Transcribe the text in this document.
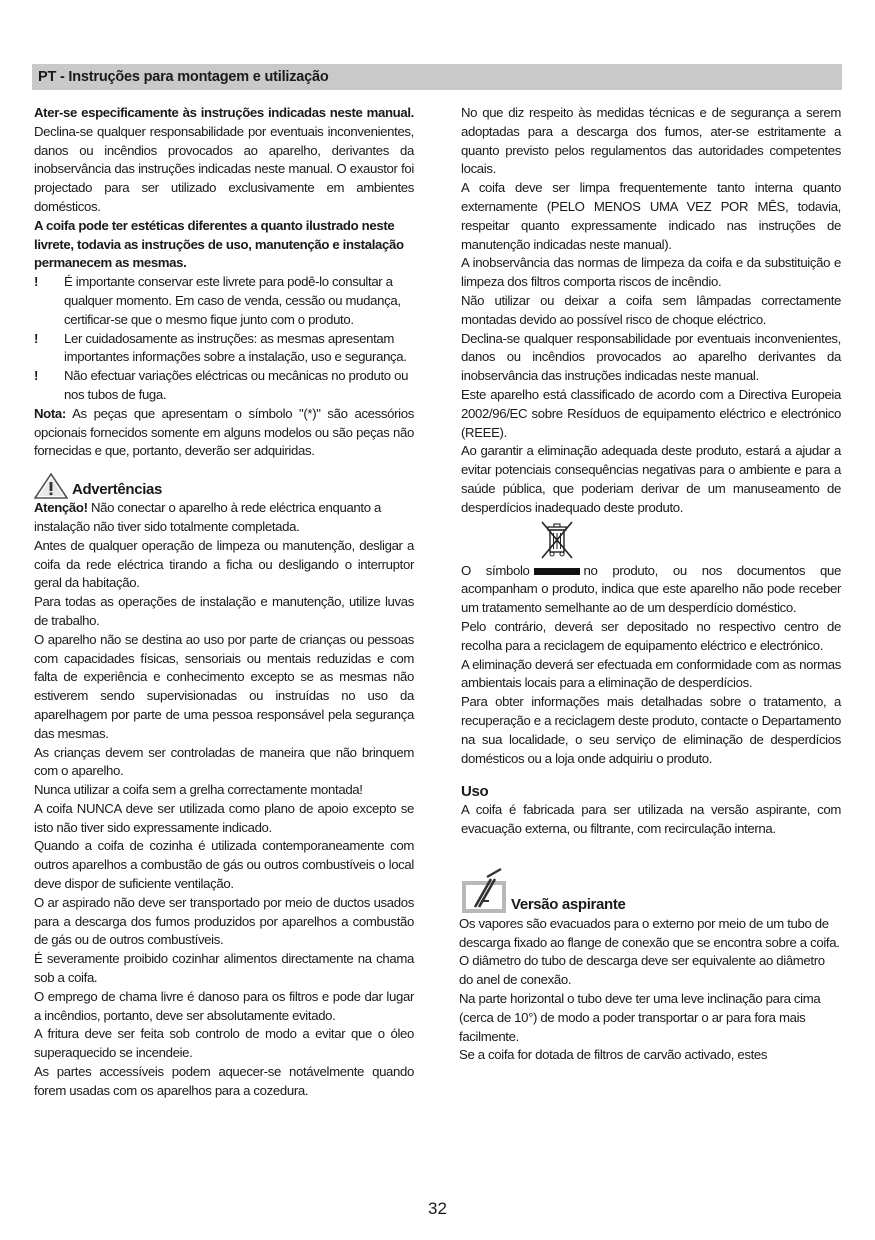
PT - Instruções para montagem e utilização

Ater-se especificamente às instruções indicadas neste manual. Declina-se qualquer responsabilidade por eventuais inconvenientes, danos ou incêndios provocados ao aparelho, derivantes da inobservância das instruções indicadas neste manual. O exaustor foi projectado para ser utilizado exclusivamente em ambientes domésticos.

A coifa pode ter estéticas diferentes a quanto ilustrado neste livrete, todavia as instruções de uso, manutenção e instalação permanecem as mesmas.

!	É importante conservar este livrete para podê-lo consultar a qualquer momento. Em caso de venda, cessão ou mudança, certificar-se que o mesmo fique junto com o produto.
!	Ler cuidadosamente as instruções: as mesmas apresentam importantes informações sobre a instalação, uso e segurança.
!	Não efectuar variações eléctricas ou mecânicas no produto ou nos tubos de fuga.

Nota: As peças que apresentam o símbolo "(*)" são acessórios opcionais fornecidos somente em alguns modelos ou são peças não fornecidas e que, portanto, deverão ser adquiridas.

Advertências

Atenção! Não conectar o aparelho à rede eléctrica enquanto a instalação não tiver sido totalmente completada.

Antes de qualquer operação de limpeza ou manutenção, desligar a coifa da rede eléctrica tirando a ficha ou desligando o interruptor geral da habitação.

Para todas as operações de instalação e manutenção, utilize luvas de trabalho.

O aparelho não se destina ao uso por parte de crianças ou pessoas com capacidades físicas, sensoriais ou mentais reduzidas e com falta de experiência e conhecimento excepto se as mesmas não estiverem sendo supervisionadas ou instruídas no uso da aparelhagem por parte de uma pessoa responsável pela segurança das mesmas.

As crianças devem ser controladas de maneira que não brinquem com o aparelho.

Nunca utilizar a coifa sem a grelha correctamente montada!

A coifa NUNCA deve ser utilizada como plano de apoio excepto se isto não tiver sido expressamente indicado.

Quando a coifa de cozinha é utilizada contemporaneamente com outros aparelhos a combustão de gás ou outros combustíveis o local deve dispor de suficiente ventilação.

O ar aspirado não deve ser transportado por meio de ductos usados para a descarga dos fumos produzidos por aparelhos a combustão de gás ou de outros combustíveis.

É severamente proibido cozinhar alimentos directamente na chama sob a coifa.

O emprego de chama livre é danoso para os filtros e pode dar lugar a incêndios, portanto, deve ser absolutamente evitado.

A fritura deve ser feita sob controlo de modo a evitar que o óleo superaquecido se incendeie.

As partes accessíveis podem aquecer-se notávelmente quando forem usadas com os aparelhos para a cozedura.

No que diz respeito às medidas técnicas e de segurança a serem adoptadas para a descarga dos fumos, ater-se estritamente a quanto previsto pelos regulamentos das autoridades competentes locais.

A coifa deve ser limpa frequentemente tanto interna quanto externamente (PELO MENOS UMA VEZ POR MÊS, todavia, respeitar quanto expressamente indicado nas instruções de manutenção indicadas neste manual).

A inobservância das normas de limpeza da coifa e da substituição e limpeza dos filtros comporta riscos de incêndio.

Não utilizar ou deixar a coifa sem lâmpadas correctamente montadas devido ao possível risco de choque eléctrico.

Declina-se qualquer responsabilidade por eventuais inconvenientes, danos ou incêndios provocados ao aparelho derivantes da inobservância das instruções indicadas neste manual.

Este aparelho está classificado de acordo com a Directiva Europeia 2002/96/EC sobre Resíduos de equipamento eléctrico e electrónico (REEE).

Ao garantir a eliminação adequada deste produto, estará a ajudar a evitar potenciais consequências negativas para o ambiente e para a saúde pública, que poderiam derivar de um manuseamento de desperdícios inadequado deste produto.

O símbolo	no produto, ou nos documentos que acompanham o produto, indica que este aparelho não pode receber um tratamento semelhante ao de um desperdício doméstico.

Pelo contrário, deverá ser depositado no respectivo centro de recolha para a reciclagem de equipamento eléctrico e electrónico.

A eliminação deverá ser efectuada em conformidade com as normas ambientais locais para a eliminação de desperdícios.

Para obter informações mais detalhadas sobre o tratamento, a recuperação e a reciclagem deste produto, contacte o Departamento na sua localidade, o seu serviço de eliminação de desperdícios domésticos ou a loja onde adquiriu o produto.

Uso

A coifa é fabricada para ser utilizada na versão aspirante, com evacuação externa, ou filtrante, com recirculação interna.

Versão aspirante

Os vapores são evacuados para o externo por meio de um tubo de descarga fixado ao flange de conexão que se encontra sobre a coifa.

O diâmetro do tubo de descarga deve ser equivalente ao diâmetro do anel de conexão.

Na parte horizontal o tubo deve ter uma leve inclinação para cima (cerca de 10°) de modo a poder transportar o ar para fora mais facilmente.

Se a coifa for dotada de filtros de carvão activado, estes

32
